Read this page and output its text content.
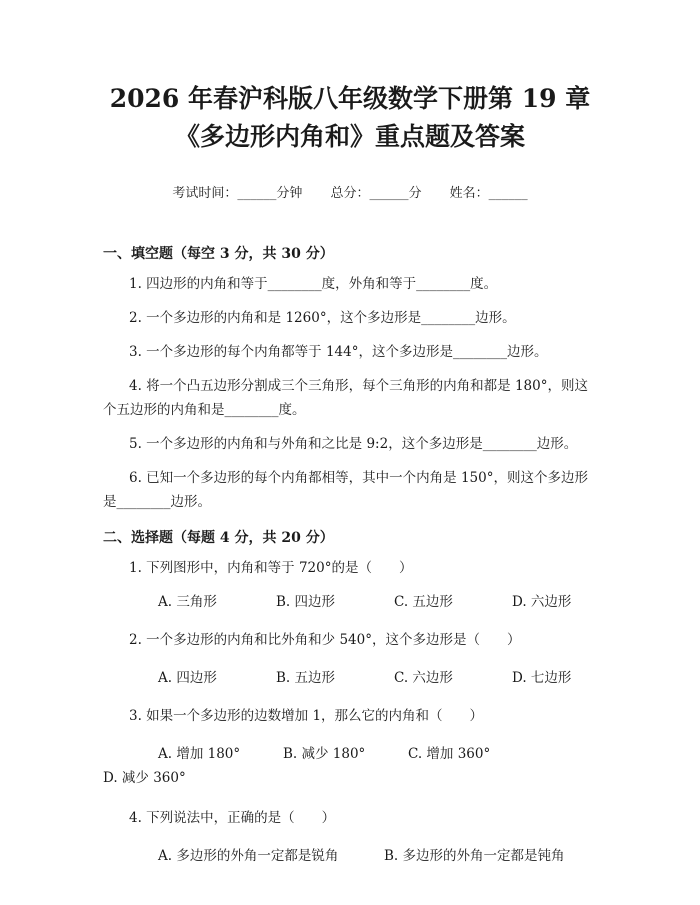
2026 年春沪科版八年级数学下册第 19 章
《多边形内角和》重点题及答案
考试时间：______分钟 总分：______分 姓名：______

一、填空题（每空 3 分，共 30 分）

1. 四边形的内角和等于________度，外角和等于________度。

2. 一个多边形的内角和是 1260°，这个多边形是________边形。

3. 一个多边形的每个内角都等于 144°，这个多边形是________边形。

4. 将一个凸五边形分割成三个三角形，每个三角形的内角和都是 180°，则这个五边形的内角和是________度。

5. 一个多边形的内角和与外角和之比是 9:2，这个多边形是________边形。

6. 已知一个多边形的每个内角都相等，其中一个内角是 150°，则这个多边形是________边形。

二、选择题（每题 4 分，共 20 分）

1. 下列图形中，内角和等于 720°的是（　　）

A. 三角形	B. 四边形	C. 五边形	D. 六边形

2. 一个多边形的内角和比外角和少 540°，这个多边形是（　　）

A. 四边形	B. 五边形	C. 六边形	D. 七边形

3. 如果一个多边形的边数增加 1，那么它的内角和（　　）

A. 增加 180°	B. 减少 180°	C. 增加 360°D. 减少 360°

4. 下列说法中，正确的是（　　）

A. 多边形的外角一定都是锐角	B. 多边形的外角一定都是钝角
